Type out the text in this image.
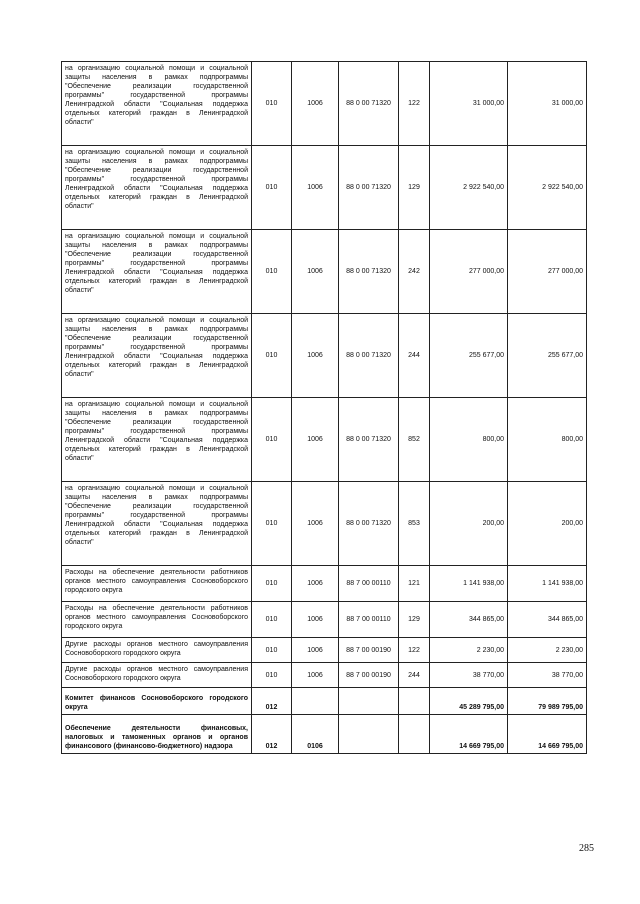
на организацию социальной помощи и социальной защиты населения в рамках подпрограммы "Обеспечение реализации государственной программы" государственной программы Ленинградской области "Социальная поддержка отдельных категорий граждан в Ленинградской области"	010	1006	88 0 00 71320	122	31 000,00	31 000,00
на организацию социальной помощи и социальной защиты населения в рамках подпрограммы "Обеспечение реализации государственной программы" государственной программы Ленинградской области "Социальная поддержка отдельных категорий граждан в Ленинградской области"	010	1006	88 0 00 71320	129	2 922 540,00	2 922 540,00
на организацию социальной помощи и социальной защиты населения в рамках подпрограммы "Обеспечение реализации государственной программы" государственной программы Ленинградской области "Социальная поддержка отдельных категорий граждан в Ленинградской области"	010	1006	88 0 00 71320	242	277 000,00	277 000,00
на организацию социальной помощи и социальной защиты населения в рамках подпрограммы "Обеспечение реализации государственной программы" государственной программы Ленинградской области "Социальная поддержка отдельных категорий граждан в Ленинградской области"	010	1006	88 0 00 71320	244	255 677,00	255 677,00
на организацию социальной помощи и социальной защиты населения в рамках подпрограммы "Обеспечение реализации государственной программы" государственной программы Ленинградской области "Социальная поддержка отдельных категорий граждан в Ленинградской области"	010	1006	88 0 00 71320	852	800,00	800,00
на организацию социальной помощи и социальной защиты населения в рамках подпрограммы "Обеспечение реализации государственной программы" государственной программы Ленинградской области "Социальная поддержка отдельных категорий граждан в Ленинградской области"	010	1006	88 0 00 71320	853	200,00	200,00
Расходы на обеспечение деятельности работников органов местного самоуправления Сосновоборского городского округа	010	1006	88 7 00 00110	121	1 141 938,00	1 141 938,00
Расходы на обеспечение деятельности работников органов местного самоуправления Сосновоборского городского округа	010	1006	88 7 00 00110	129	344 865,00	344 865,00
Другие расходы органов местного самоуправления Сосновоборского городского округа	010	1006	88 7 00 00190	122	2 230,00	2 230,00
Другие расходы органов местного самоуправления Сосновоборского городского округа	010	1006	88 7 00 00190	244	38 770,00	38 770,00
Комитет финансов Сосновоборского городского округа	012				45 289 795,00	79 989 795,00
Обеспечение деятельности финансовых, налоговых и таможенных органов и органов финансового (финансово-бюджетного) надзора	012	0106			14 669 795,00	14 669 795,00
285
